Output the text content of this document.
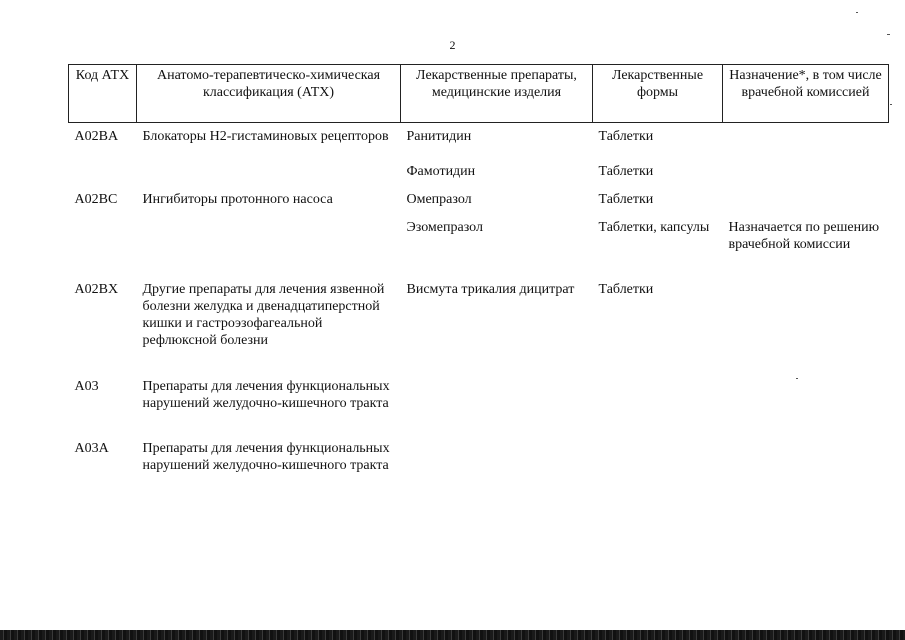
2
Код АТХ	Анатомо-терапевтическо-химическая классификация (АТХ)	Лекарственные препараты, медицинские изделия	Лекарственные формы	Назначение*, в том числе врачебной комиссией
A02BA	Блокаторы Н2-гистаминовых рецепторов	Ранитидин	Таблетки	
		Фамотидин	Таблетки	
A02BC	Ингибиторы протонного насоса	Омепразол	Таблетки	
		Эзомепразол	Таблетки, капсулы	Назначается по решению врачебной комиссии
A02BX	Другие препараты для лечения язвенной болезни желудка и двенадцатиперстной кишки и гастроэзофагеальной рефлюксной болезни	Висмута трикалия дицитрат	Таблетки	
A03	Препараты для лечения функциональных нарушений желудочно-кишечного тракта			
A03A	Препараты для лечения функциональных нарушений желудочно-кишечного тракта			
